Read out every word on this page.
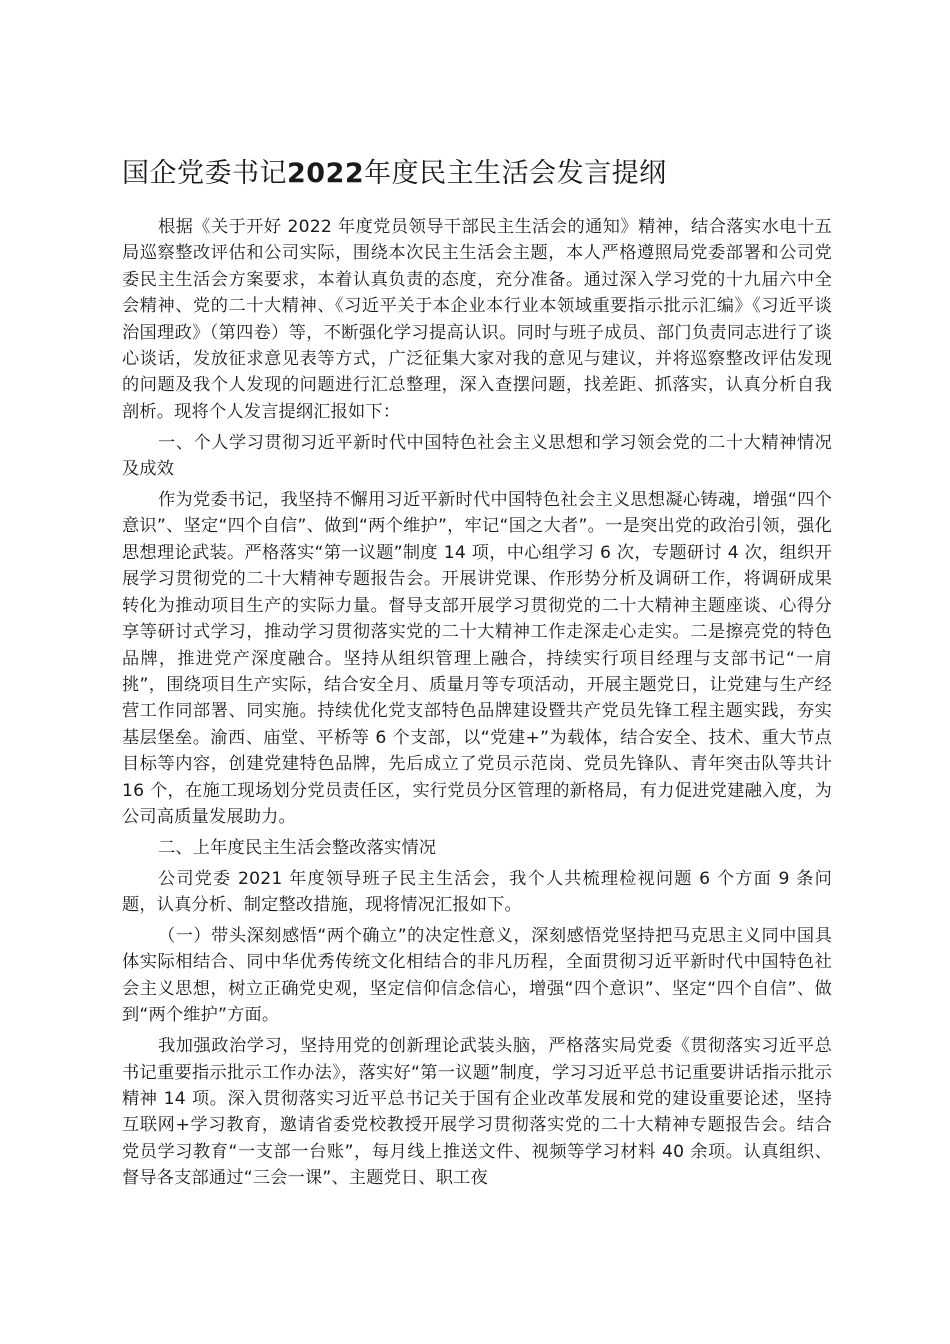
国企党委书记2022年度民主生活会发言提纲

根据《关于开好 2022 年度党员领导干部民主生活会的通知》精神，结合落实水电十五局巡察整改评估和公司实际，围绕本次民主生活会主题，本人严格遵照局党委部署和公司党委民主生活会方案要求，本着认真负责的态度，充分准备。通过深入学习党的十九届六中全会精神、党的二十大精神、《习近平关于本企业本行业本领域重要指示批示汇编》《习近平谈治国理政》（第四卷）等，不断强化学习提高认识。同时与班子成员、部门负责同志进行了谈心谈话，发放征求意见表等方式，广泛征集大家对我的意见与建议，并将巡察整改评估发现的问题及我个人发现的问题进行汇总整理，深入查摆问题，找差距、抓落实，认真分析自我剖析。现将个人发言提纲汇报如下：

一、个人学习贯彻习近平新时代中国特色社会主义思想和学习领会党的二十大精神情况及成效

作为党委书记，我坚持不懈用习近平新时代中国特色社会主义思想凝心铸魂，增强“四个意识”、坚定“四个自信”、做到“两个维护”，牢记“国之大者”。一是突出党的政治引领，强化思想理论武装。严格落实“第一议题”制度 14 项，中心组学习 6 次，专题研讨 4 次，组织开展学习贯彻党的二十大精神专题报告会。开展讲党课、作形势分析及调研工作，将调研成果转化为推动项目生产的实际力量。督导支部开展学习贯彻党的二十大精神主题座谈、心得分享等研讨式学习，推动学习贯彻落实党的二十大精神工作走深走心走实。二是擦亮党的特色品牌，推进党产深度融合。坚持从组织管理上融合，持续实行项目经理与支部书记“一肩挑”，围绕项目生产实际，结合安全月、质量月等专项活动，开展主题党日，让党建与生产经营工作同部署、同实施。持续优化党支部特色品牌建设暨共产党员先锋工程主题实践，夯实基层堡垒。渝西、庙堂、平桥等 6 个支部，以“党建+”为载体，结合安全、技术、重大节点目标等内容，创建党建特色品牌，先后成立了党员示范岗、党员先锋队、青年突击队等共计 16 个，在施工现场划分党员责任区，实行党员分区管理的新格局，有力促进党建融入度，为公司高质量发展助力。

二、上年度民主生活会整改落实情况

公司党委 2021 年度领导班子民主生活会，我个人共梳理检视问题 6 个方面 9 条问题，认真分析、制定整改措施，现将情况汇报如下。

（一）带头深刻感悟“两个确立”的决定性意义，深刻感悟党坚持把马克思主义同中国具体实际相结合、同中华优秀传统文化相结合的非凡历程，全面贯彻习近平新时代中国特色社会主义思想，树立正确党史观，坚定信仰信念信心，增强“四个意识”、坚定“四个自信”、做到“两个维护”方面。

我加强政治学习，坚持用党的创新理论武装头脑，严格落实局党委《贯彻落实习近平总书记重要指示批示工作办法》，落实好“第一议题”制度，学习习近平总书记重要讲话指示批示精神 14 项。深入贯彻落实习近平总书记关于国有企业改革发展和党的建设重要论述，坚持互联网+学习教育，邀请省委党校教授开展学习贯彻落实党的二十大精神专题报告会。结合党员学习教育“一支部一台账”，每月线上推送文件、视频等学习材料 40 余项。认真组织、督导各支部通过“三会一课”、主题党日、职工夜
